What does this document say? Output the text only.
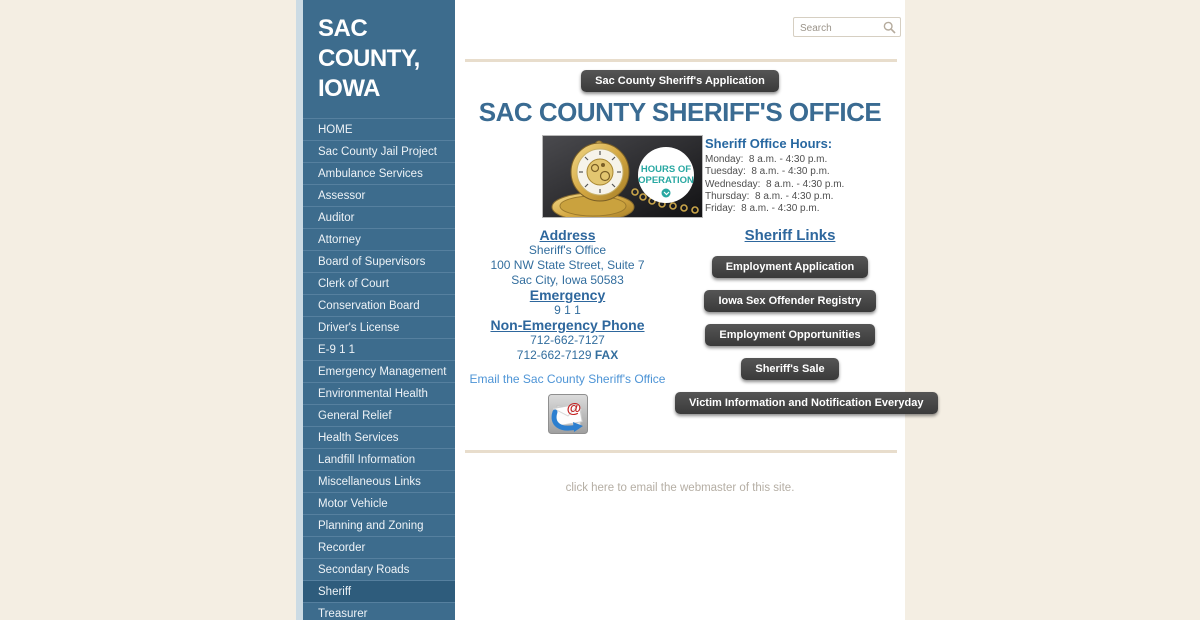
SAC COUNTY,
IOWA
HOME
Sac County Jail Project
Ambulance Services
Assessor
Auditor
Attorney
Board of Supervisors
Clerk of Court
Conservation Board
Driver's License
E-9 1 1
Emergency Management
Environmental Health
General Relief
Health Services
Landfill Information
Miscellaneous Links
Motor Vehicle
Planning and Zoning
Recorder
Secondary Roads
Sheriff
Treasurer
Search
Sac County Sheriff's Application
SAC COUNTY SHERIFF'S OFFICE
HOURS OF
OPERATION
Sheriff Office Hours:
Monday:  8 a.m. - 4:30 p.m.
Tuesday:  8 a.m. - 4:30 p.m.
Wednesday:  8 a.m. - 4:30 p.m.
Thursday:  8 a.m. - 4:30 p.m.
Friday:  8 a.m. - 4:30 p.m.
Address
Sheriff's Office
100 NW State Street, Suite 7
Sac City, Iowa 50583
Emergency
9 1 1
Non-Emergency Phone
712-662-7127
712-662-7129 FAX
Email the Sac County Sheriff's Office
@
Sheriff Links
Employment Application
Iowa Sex Offender Registry
Employment Opportunities
Sheriff's Sale
Victim Information and Notification Everyday
click here to email the webmaster of this site.
